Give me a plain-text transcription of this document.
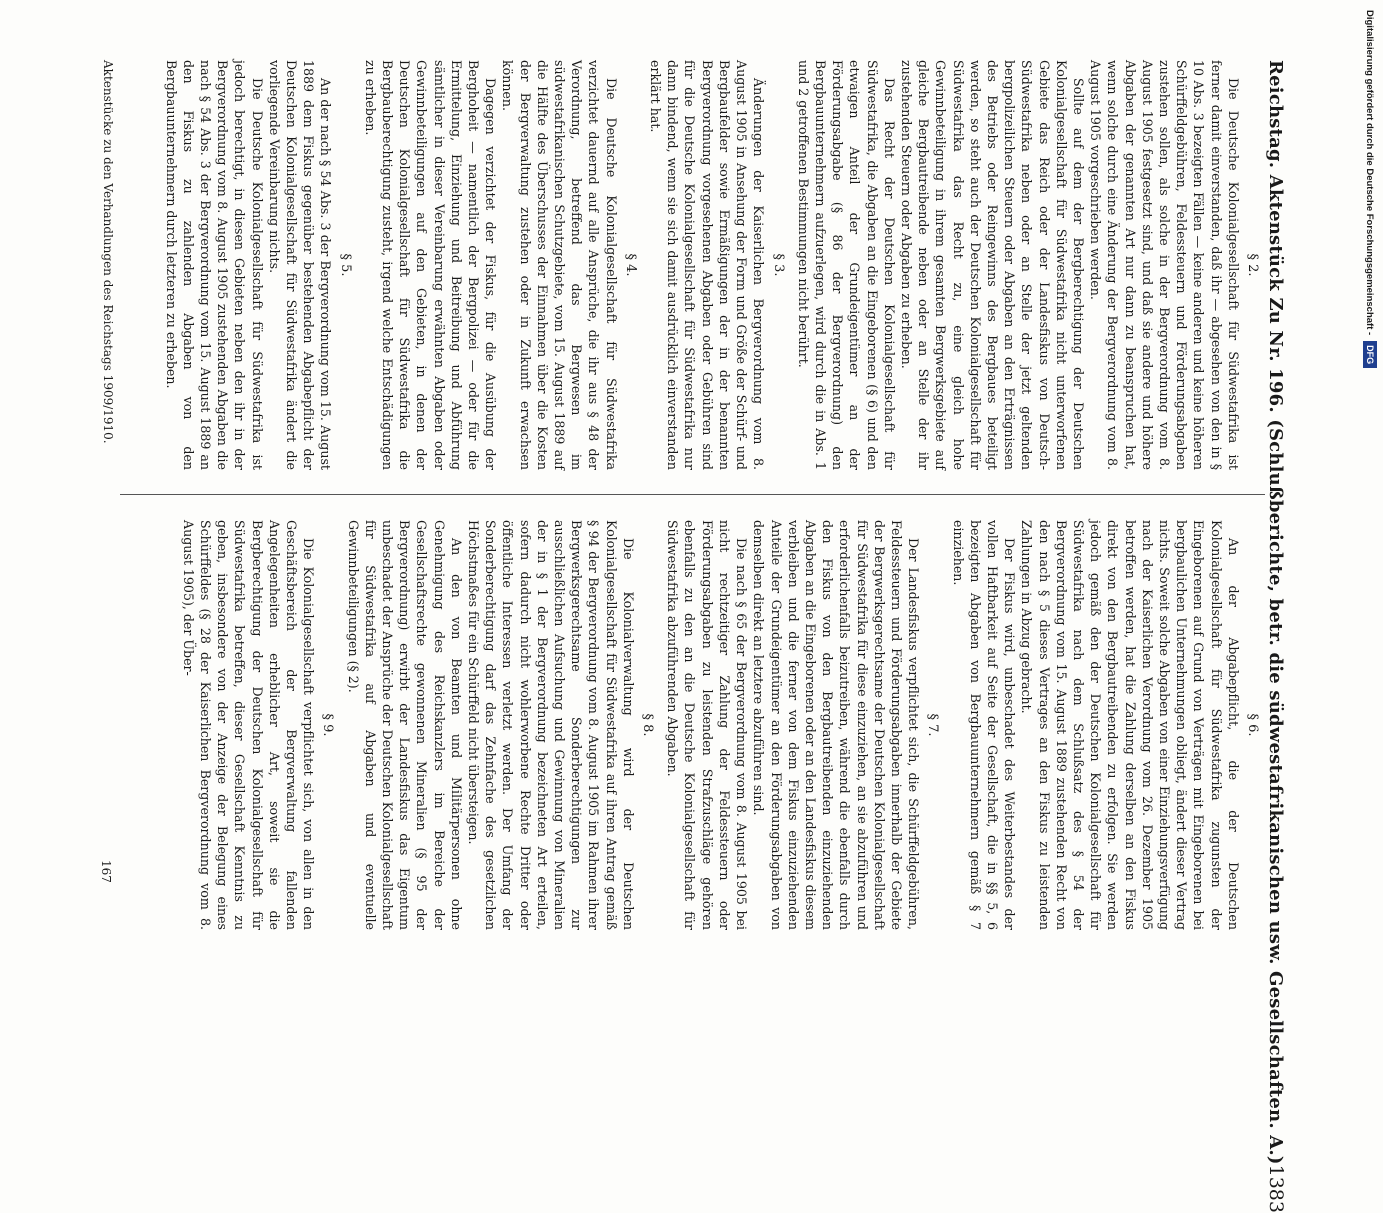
Reichstag. Aktenstück Zu Nr. 196. (Schlußberichte, betr. die südwestafrikanischen usw. Gesellschaften. A.)
1383
§ 2.

Die Deutsche Kolonialgesellschaft für Südwestafrika ist ferner damit einverstanden, daß ihr — abgesehen von den in § 10 Abs. 3 bezeigten Fällen — keine anderen und keine höheren Schürffeldgebühren, Feldessteuern und Förderungsabgaben zustehen sollen, als solche in der Bergverordnung vom 8. August 1905 festgesetzt sind, und daß sie andere und höhere Abgaben der genannten Art nur dann zu beanspruchen hat, wenn solche durch eine Änderung der Bergverordnung vom 8. August 1905 vorgeschrieben werden.

Sollte auf dem der Bergberechtigung der Deutschen Kolonialgesellschaft für Südwestafrika nicht unterworfenen Gebiete das Reich oder der Landesfiskus von Deutsch-Südwestafrika neben oder an Stelle der jetzt geltenden bergpolizeilichen Steuern oder Abgaben an den Erträgnissen des Betriebs oder Reingewinns des Bergbaues beteiligt werden, so steht auch der Deutschen Kolonialgesellschaft für Südwestafrika das Recht zu, eine gleich hohe Gewinnbeteiligung in ihrem gesamten Bergwerksgebiete auf gleiche Bergbautreibende neben oder an Stelle der ihr zustehenden Steuern oder Abgaben zu erheben.

Das Recht der Deutschen Kolonialgesellschaft für Südwestafrika, die Abgaben an die Eingeborenen (§ 6) und den etwaigen Anteil der Grundeigentümer an der Förderungsabgabe (§ 86 der Bergverordnung) den Bergbauunternehmern aufzuerlegen, wird durch die in Abs. 1 und 2 getroffenen Bestimmungen nicht berührt.

§ 3.

Änderungen der Kaiserlichen Bergverordnung vom 8. August 1905 in Ansehung der Form und Größe der Schürf- und Bergbaufelder sowie Ermäßigungen der in der benannten Bergverordnung vorgesehenen Abgaben oder Gebühren sind für die Deutsche Kolonialgesellschaft für Südwestafrika nur dann bindend, wenn sie sich damit ausdrücklich einverstanden erklärt hat.

§ 4.

Die Deutsche Kolonialgesellschaft für Südwestafrika verzichtet dauernd auf alle Ansprüche, die ihr aus § 48 der Verordnung, betreffend das Bergwesen im südwestafrikanischen Schutzgebiete, vom 15. August 1889 auf die Hälfte des Überschusses der Einnahmen über die Kosten der Bergverwaltung zustehen oder in Zukunft erwachsen können.

Dagegen verzichtet der Fiskus, für die Ausübung der Berghoheit — namentlich der Bergpolizei — oder für die Ermittelung, Einziehung und Beitreibung und Abführung sämtlicher in dieser Vereinbarung erwähnten Abgaben oder Gewinnbeteiligungen auf den Gebieten, in denen der Deutschen Kolonialgesellschaft für Südwestafrika die Bergbauberechtigung zusteht, irgend welche Entschädigungen zu erheben.

§ 5.

An der nach § 54 Abs. 3 der Bergverordnung vom 15. August 1889 dem Fiskus gegenüber bestehenden Abgabepflicht der Deutschen Kolonialgesellschaft für Südwestafrika ändert die vorliegende Vereinbarung nichts.

Die Deutsche Kolonialgesellschaft für Südwestafrika ist jedoch berechtigt, in diesen Gebieten neben den ihr in der Bergverordnung vom 8. August 1905 zustehenden Abgaben die nach § 54 Abs. 3 der Bergverordnung vom 15. August 1889 an den Fiskus zu zahlenden Abgaben von den Bergbauunternehmern durch letzteren zu erheben.

§ 6.

An der Abgabepflicht, die der Deutschen Kolonialgesellschaft für Südwestafrika zugunsten der Eingeborenen auf Grund von Verträgen mit Eingeborenen bei bergbaulichen Unternehmungen obliegt, ändert dieser Vertrag nichts. Soweit solche Abgaben von einer Einziehungsverfügung nach der Kaiserlichen Verordnung vom 26. Dezember 1905 betroffen werden, hat die Zahlung derselben an den Fiskus direkt von den Bergbautreibenden zu erfolgen. Sie werden jedoch gemäß den der Deutschen Kolonialgesellschaft für Südwestafrika nach dem Schlußsatz des § 54 der Bergverordnung vom 15. August 1889 zustehenden Recht von den nach § 5 dieses Vertrages an den Fiskus zu leistenden Zahlungen in Abzug gebracht.

Der Fiskus wird, unbeschadet des Weiterbestandes der vollen Haftbarkeit auf Seite der Gesellschaft, die in §§ 5, 6 bezeigten Abgaben von Bergbauunternehmern gemäß § 7 einziehen.

§ 7.

Der Landesfiskus verpflichtet sich, die Schürffeldgebühren, Feldessteuern und Förderungsabgaben innerhalb der Gebiete der Bergwerksgerechtsame der Deutschen Kolonialgesellschaft für Südwestafrika für diese einzuziehen, an sie abzuführen und erforderlichenfalls beizutreiben, während die ebenfalls durch den Fiskus von den Bergbautreibenden einzuziehenden Abgaben an die Eingeborenen oder an den Landesfiskus diesem verbleiben und die ferner von dem Fiskus einzuziehenden Anteile der Grundeigentümer an den Förderungsabgaben von demselben direkt an letztere abzuführen sind.

Die nach § 65 der Bergverordnung vom 8. August 1905 bei nicht rechtzeitiger Zahlung der Feldessteuern oder Förderungsabgaben zu leistenden Strafzuschläge gehören ebenfalls zu den an die Deutsche Kolonialgesellschaft für Südwestafrika abzuführenden Abgaben.

§ 8.

Die Kolonialverwaltung wird der Deutschen Kolonialgesellschaft für Südwestafrika auf ihren Antrag gemäß § 94 der Bergverordnung vom 8. August 1905 im Rahmen ihrer Bergwerksgerechtsame Sonderberechtigungen zur ausschließlichen Aufsuchung und Gewinnung von Mineralien der in § 1 der Bergverordnung bezeichneten Art erteilen, sofern dadurch nicht wohlerworbene Rechte Dritter oder öffentliche Interessen verletzt werden. Der Umfang der Sonderberechtigung darf das Zehnfache des gesetzlichen Höchstmaßes für ein Schürffeld nicht übersteigen.

An den von Beamten und Militärpersonen ohne Genehmigung des Reichskanzlers im Bereiche der Gesellschaftsrechte gewonnenen Mineralien (§ 95 der Bergverordnung) erwirbt der Landesfiskus das Eigentum unbeschadet der Ansprüche der Deutschen Kolonialgesellschaft für Südwestafrika auf Abgaben und eventuelle Gewinnbeteiligungen (§ 2).

§ 9.

Die Kolonialgesellschaft verpflichtet sich, von allen in den Geschäftsbereich der Bergverwaltung fallenden Angelegenheiten erheblicher Art, soweit sie die Bergberechtigung der Deutschen Kolonialgesellschaft für Südwestafrika betreffen, dieser Gesellschaft Kenntnis zu geben, insbesondere von der Anzeige der Belegung eines Schürffeldes (§ 28 der Kaiserlichen Bergverordnung vom 8. August 1905), der Über-

Aktenstücke zu den Verhandlungen des Reichstags 1909/1910.
167
Digitalisierung gefördert durch die Deutsche Forschungsgemeinschaft -
DFG
